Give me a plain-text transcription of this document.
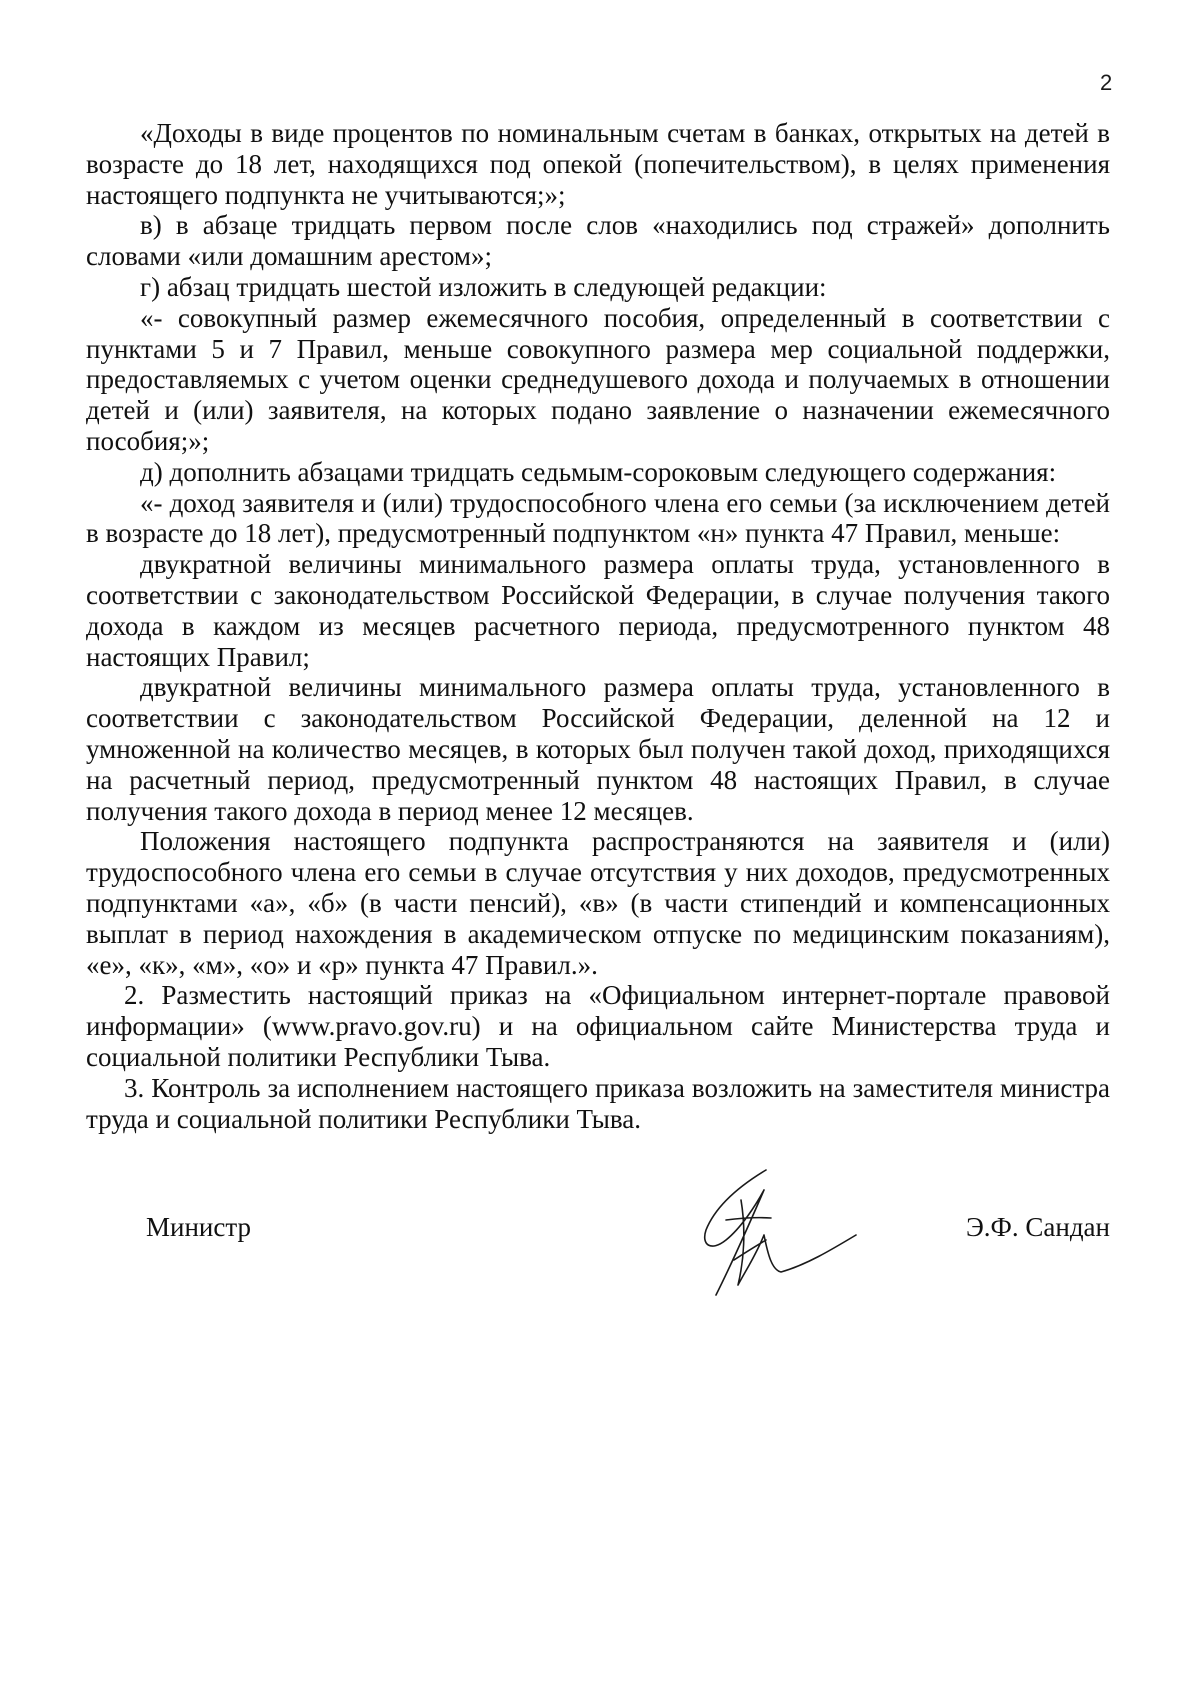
2

«Доходы в виде процентов по номинальным счетам в банках, открытых на детей в возрасте до 18 лет, находящихся под опекой (попечительством), в целях применения настоящего подпункта не учитываются;»;

в) в абзаце тридцать первом после слов «находились под стражей» дополнить словами «или домашним арестом»;

г) абзац тридцать шестой изложить в следующей редакции:

«- совокупный размер ежемесячного пособия, определенный в соответствии с пунктами 5 и 7 Правил, меньше совокупного размера мер социальной поддержки, предоставляемых с учетом оценки среднедушевого дохода и получаемых в отношении детей и (или) заявителя, на которых подано заявление о назначении ежемесячного пособия;»;

д) дополнить абзацами тридцать седьмым-сороковым следующего содержания:

«- доход заявителя и (или) трудоспособного члена его семьи (за исключением детей в возрасте до 18 лет), предусмотренный подпунктом «н» пункта 47 Правил, меньше:

двукратной величины минимального размера оплаты труда, установленного в соответствии с законодательством Российской Федерации, в случае получения такого дохода в каждом из месяцев расчетного периода, предусмотренного пунктом 48 настоящих Правил;

двукратной величины минимального размера оплаты труда, установленного в соответствии с законодательством Российской Федерации, деленной на 12 и умноженной на количество месяцев, в которых был получен такой доход, приходящихся на расчетный период, предусмотренный пунктом 48 настоящих Правил, в случае получения такого дохода в период менее 12 месяцев.

Положения настоящего подпункта распространяются на заявителя и (или) трудоспособного члена его семьи в случае отсутствия у них доходов, предусмотренных подпунктами «а», «б» (в части пенсий), «в» (в части стипендий и компенсационных выплат в период нахождения в академическом отпуске по медицинским показаниям), «е», «к», «м», «о» и «р» пункта 47 Правил.».

2. Разместить настоящий приказ на «Официальном интернет-портале правовой информации» (www.pravo.gov.ru) и на официальном сайте Министерства труда и социальной политики Республики Тыва.

3. Контроль за исполнением настоящего приказа возложить на заместителя министра труда и социальной политики Республики Тыва.

Министр	Э.Ф. Сандан
